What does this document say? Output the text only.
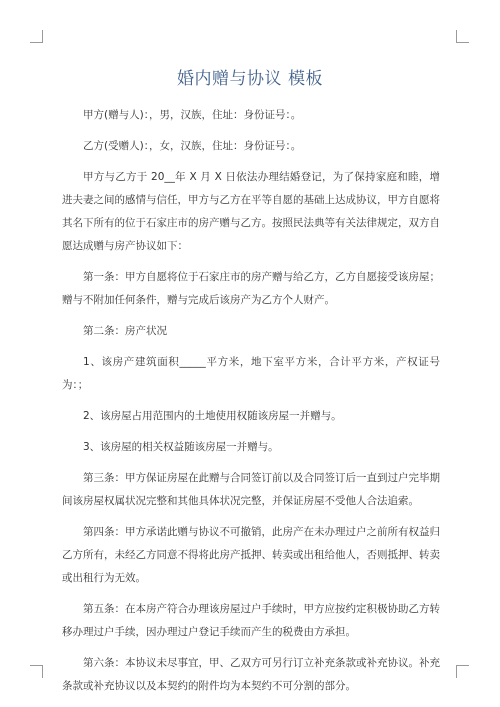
婚内赠与协议 模板

甲方(赠与人)：，男，汉族，住址：身份证号：。

乙方(受赠人)：，女，汉族，住址：身份证号：。

甲方与乙方于 20__年 X 月 X 日依法办理结婚登记，为了保持家庭和睦，增进夫妻之间的感情与信任，甲方与乙方在平等自愿的基础上达成协议，甲方自愿将其名下所有的位于石家庄市的房产赠与乙方。按照民法典等有关法律规定，双方自愿达成赠与房产协议如下：

第一条：甲方自愿将位于石家庄市的房产赠与给乙方，乙方自愿接受该房屋；赠与不附加任何条件，赠与完成后该房产为乙方个人财产。

第二条：房产状况

1、该房产建筑面积_____平方米，地下室平方米，合计平方米，产权证号为：；

2、该房屋占用范围内的土地使用权随该房屋一并赠与。

3、该房屋的相关权益随该房屋一并赠与。

第三条：甲方保证房屋在此赠与合同签订前以及合同签订后一直到过户完毕期间该房屋权属状况完整和其他具体状况完整，并保证房屋不受他人合法追索。

第四条：甲方承诺此赠与协议不可撤销，此房产在未办理过户之前所有权益归乙方所有，未经乙方同意不得将此房产抵押、转卖或出租给他人，否则抵押、转卖或出租行为无效。

第五条：在本房产符合办理该房屋过户手续时，甲方应按约定积极协助乙方转移办理过户手续，因办理过户登记手续而产生的税费由方承担。

第六条：本协议未尽事宜，甲、乙双方可另行订立补充条款或补充协议。补充条款或补充协议以及本契约的附件均为本契约不可分割的部分。
